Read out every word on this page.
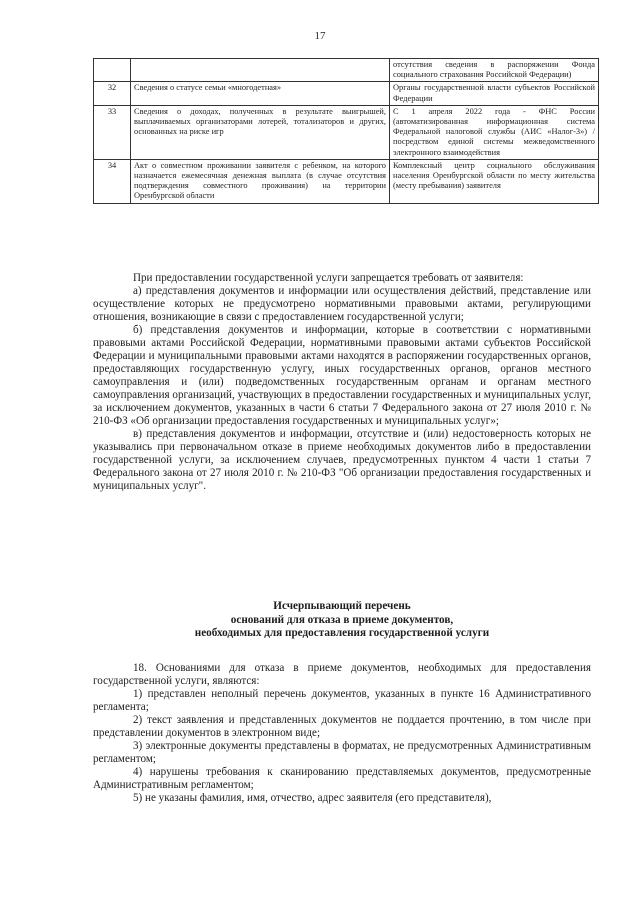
17
		отсутствия сведения в распоряжении Фонда социального страхования Российской Федерации)
32	Сведения о статусе семьи «многодетная»	Органы государственной власти субъектов Российской Федерации
33	Сведения о доходах, полученных в результате выигрышей, выплачиваемых организаторами лотерей, тотализаторов и других, основанных на риске игр	С 1 апреля 2022 года - ФНС России (автоматизированная информационная система Федеральной налоговой службы (АИС «Налог-3») /посредством единой системы межведомственного электронного взаимодействия
34	Акт о совместном проживании заявителя с ребенком, на которого назначается ежемесячная денежная выплата (в случае отсутствия подтверждения совместного проживания) на территории Оренбургской области	Комплексный центр социального обслуживания населения Оренбургской области по месту жительства (месту пребывания) заявителя

При предоставлении государственной услуги запрещается требовать от заявителя:

а) представления документов и информации или осуществления действий, представление или осуществление которых не предусмотрено нормативными правовыми актами, регулирующими отношения, возникающие в связи с предоставлением государственной услуги;

б) представления документов и информации, которые в соответствии с нормативными правовыми актами Российской Федерации, нормативными правовыми актами субъектов Российской Федерации и муниципальными правовыми актами находятся в распоряжении государственных органов, предоставляющих государственную услугу, иных государственных органов, органов местного самоуправления и (или) подведомственных государственным органам и органам местного самоуправления организаций, участвующих в предоставлении государственных и муниципальных услуг, за исключением документов, указанных в части 6 статьи 7 Федерального закона от 27 июля 2010 г. № 210-ФЗ «Об организации предоставления государственных и муниципальных услуг»;

в) представления документов и информации, отсутствие и (или) недостоверность которых не указывались при первоначальном отказе в приеме необходимых документов либо в предоставлении государственной услуги, за исключением случаев, предусмотренных пунктом 4 части 1 статьи 7 Федерального закона от 27 июля 2010 г. № 210-ФЗ "Об организации предоставления государственных и муниципальных услуг".

Исчерпывающий перечень
оснований для отказа в приеме документов,
необходимых для предоставления государственной услуги

18. Основаниями для отказа в приеме документов, необходимых для предоставления государственной услуги, являются:

1) представлен неполный перечень документов, указанных в пункте 16 Административного регламента;

2) текст заявления и представленных документов не поддается прочтению, в том числе при представлении документов в электронном виде;

3) электронные документы представлены в форматах, не предусмотренных Административным регламентом;

4) нарушены требования к сканированию представляемых документов, предусмотренные Административным регламентом;

5) не указаны фамилия, имя, отчество, адрес заявителя (его представителя),
